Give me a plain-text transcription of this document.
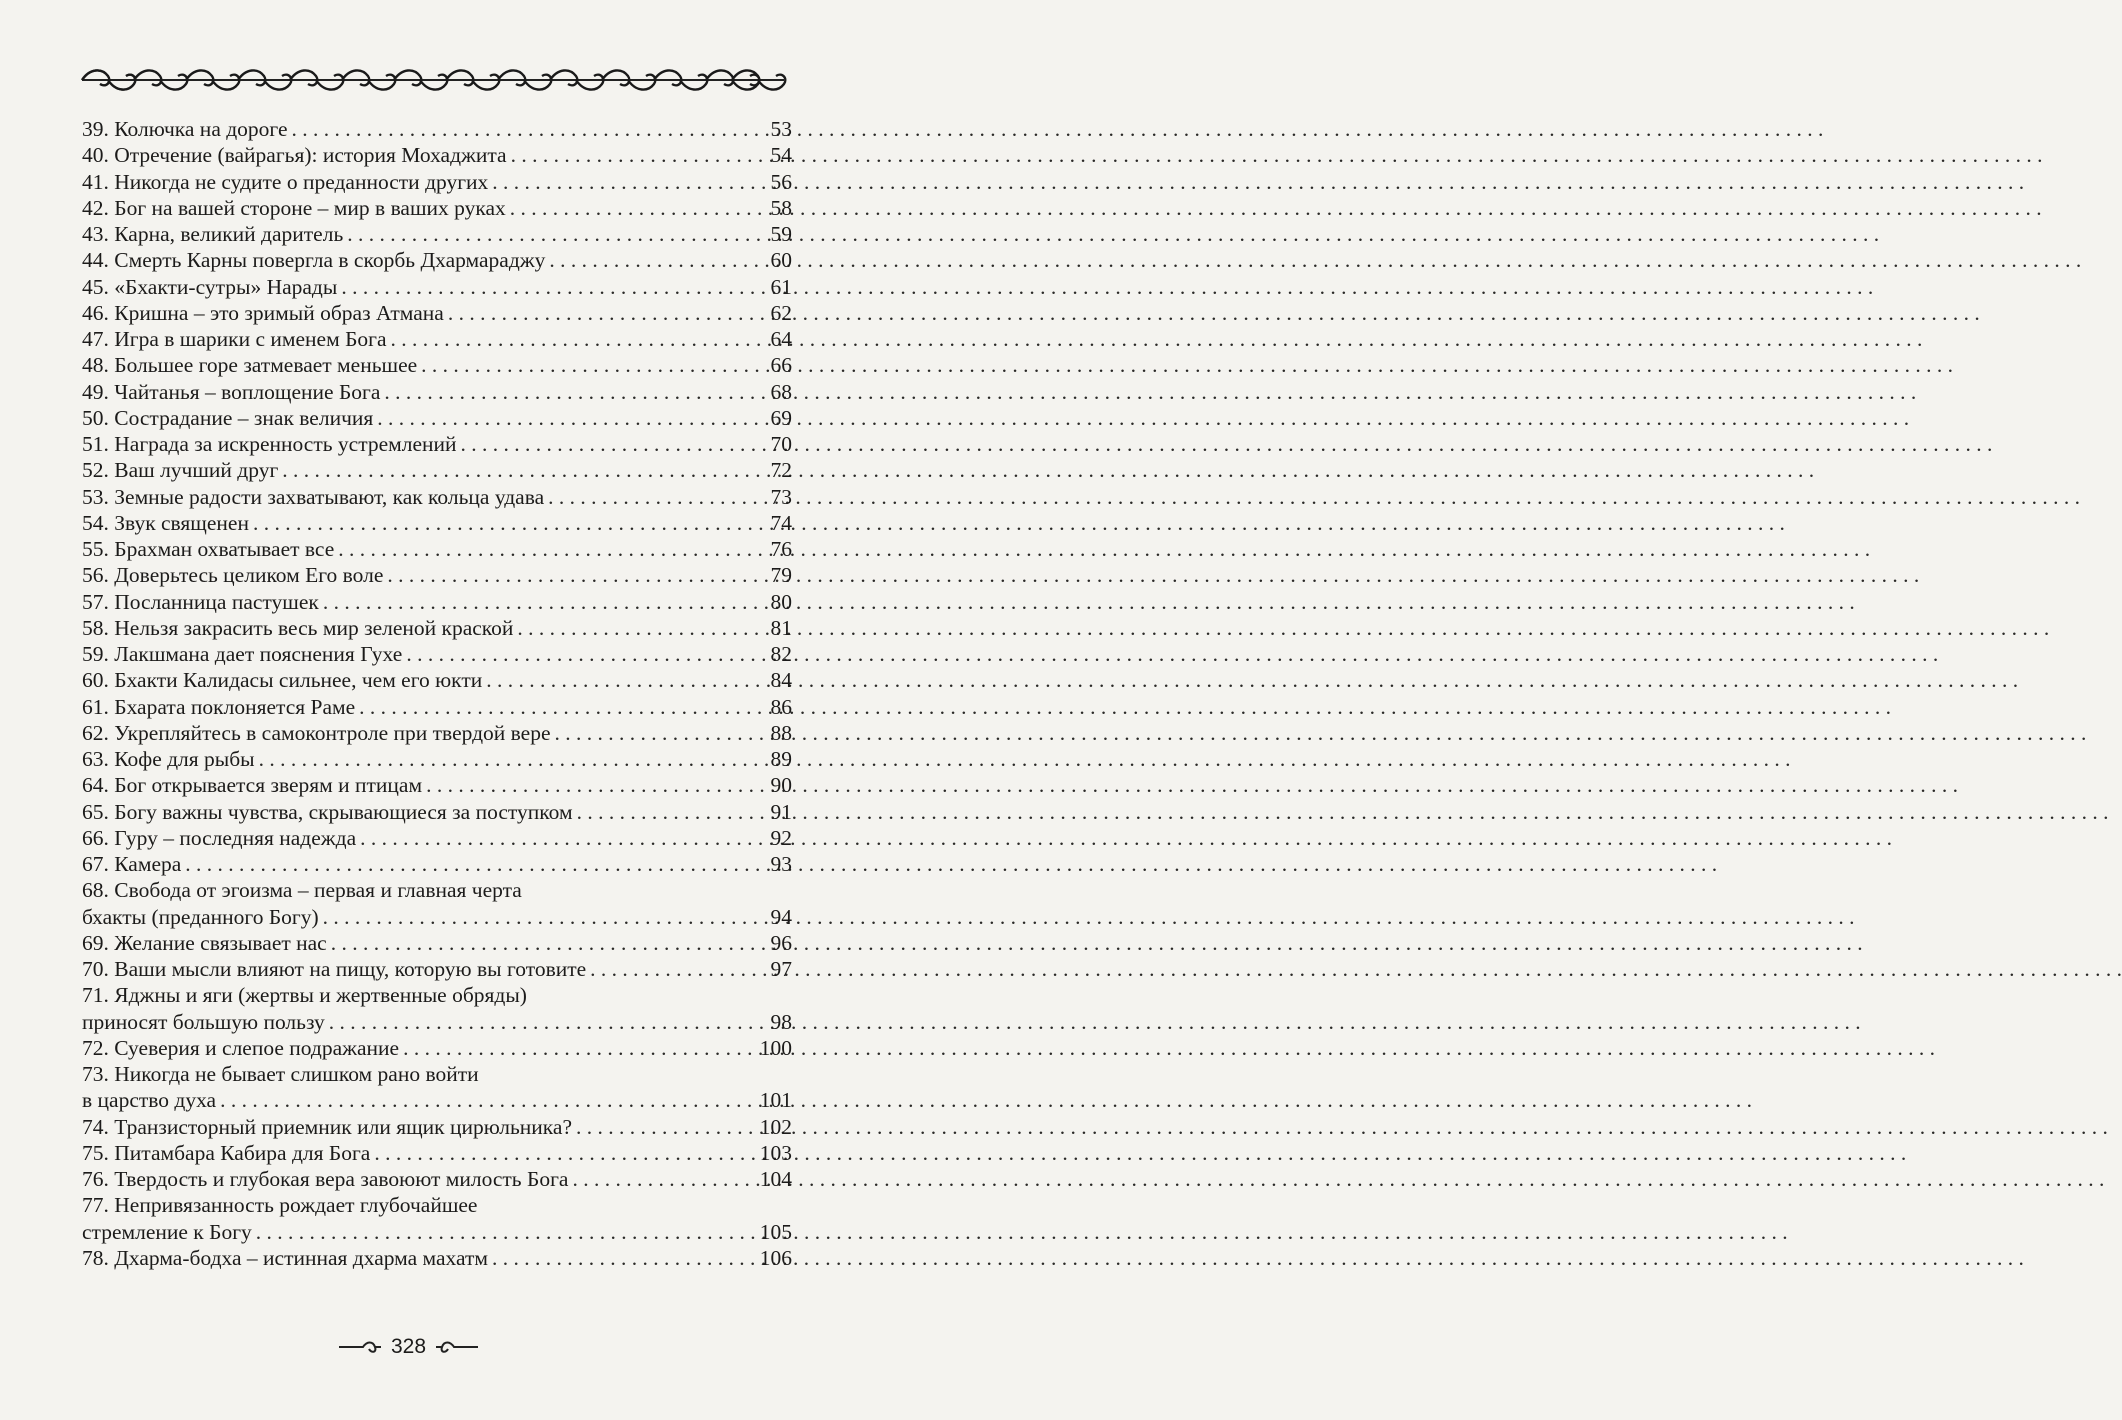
39. Колючка на дороге . . .	53
40. Отречение (вайрагья): история Мохаджита . . .	54
41. Никогда не судите о преданности других . . .	56
42. Бог на вашей стороне – мир в ваших руках . . .	58
43. Карна, великий даритель . . .	59
44. Смерть Карны повергла в скорбь Дхармараджу . . .	60
45. «Бхакти-сутры» Нарады . . .	61
46. Кришна – это зримый образ Атмана . . .	62
47. Игра в шарики с именем Бога . . .	64
48. Большее горе затмевает меньшее . . .	66
49. Чайтанья – воплощение Бога . . .	68
50. Сострадание – знак величия . . .	69
51. Награда за искренность устремлений . . .	70
52. Ваш лучший друг . . .	72
53. Земные радости захватывают, как кольца удава . . .	73
54. Звук священен . . .	74
55. Брахман охватывает все . . .	76
56. Доверьтесь целиком Его воле . . .	79
57. Посланница пастушек . . .	80
58. Нельзя закрасить весь мир зеленой краской . . .	81
59. Лакшмана дает пояснения Гухе . . .	82
60. Бхакти Калидасы сильнее, чем его юкти . . .	84
61. Бхарата поклоняется Раме . . .	86
62. Укрепляйтесь в самоконтроле при твердой вере . . .	88
63. Кофе для рыбы . . .	89
64. Бог открывается зверям и птицам . . .	90
65. Богу важны чувства, скрывающиеся за поступком . . .	91
66. Гуру – последняя надежда . . .	92
67. Камера . . .	93
68. Свобода от эгоизма – первая и главная черта
бхакты (преданного Богу) . . .	94
69. Желание связывает нас . . .	96
70. Ваши мысли влияют на пищу, которую вы готовите . . .	97
71. Яджны и яги (жертвы и жертвенные обряды)
приносят большую пользу . . .	98
72. Суеверия и слепое подражание . . .	100
73. Никогда не бывает слишком рано войти
в царство духа . . .	101
74. Транзисторный приемник или ящик цирюльника? . . .	102
75. Питамбара Кабира для Бога . . .	103
76. Твердость и глубокая вера завоюют милость Бога . . .	104
77. Непривязанность рождает глубочайшее
стремление к Богу . . .	105
78. Дхарма-бодха – истинная дхарма махатм . . .	106
328
